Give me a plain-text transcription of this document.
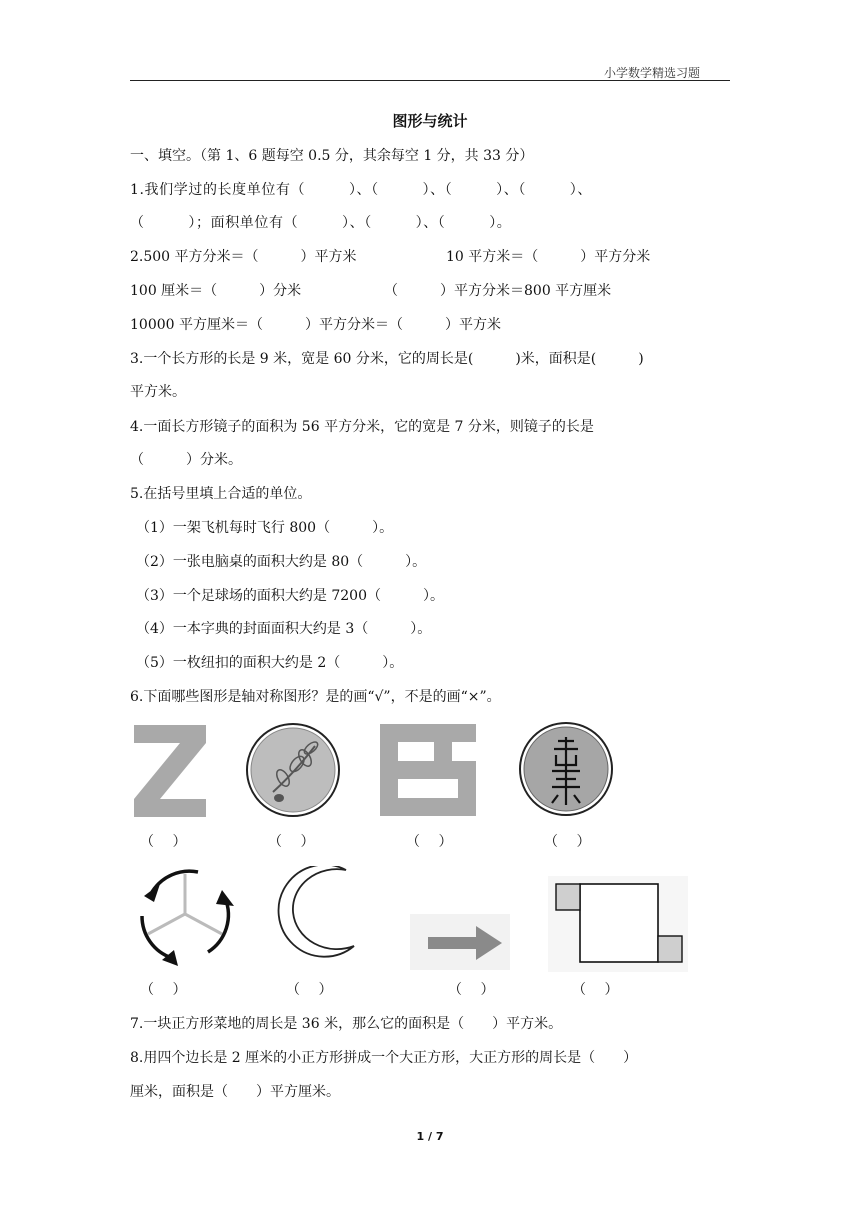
小学数学精选习题
图形与统计
一、填空。（第 1、6 题每空 0.5 分，其余每空 1 分，共 33 分）
1.我们学过的长度单位有（　　　）、（　　　）、（　　　）、（　　　）、
（　　　）；面积单位有（　　　）、（　　　）、（　　　）。
2.500 平方分米＝（　　　）平方米	10 平方米＝（　　　）平方分米
100 厘米＝（　　　）分米	（　　　）平方分米＝800 平方厘米
10000 平方厘米＝（　　　）平方分米＝（　　　）平方米
3.一个长方形的长是 9 米，宽是 60 分米，它的周长是(　　　)米，面积是(　　　)
平方米。
4.一面长方形镜子的面积为 56 平方分米，它的宽是 7 分米，则镜子的长是
（　　　）分米。
5.在括号里填上合适的单位。
（1）一架飞机每时飞行 800（　　　）。
（2）一张电脑桌的面积大约是 80（　　　）。
（3）一个足球场的面积大约是 7200（　　　）。
（4）一本字典的封面面积大约是 3（　　　）。
（5）一枚纽扣的面积大约是 2（　　　）。
6.下面哪些图形是轴对称图形？是的画“√”，不是的画“×”。
（　 ）	（　 ）	（　 ）	（　 ）
（　 ）	（　 ）	（　 ）	（　 ）
7.一块正方形菜地的周长是 36 米，那么它的面积是（　　）平方米。
8.用四个边长是 2 厘米的小正方形拼成一个大正方形，大正方形的周长是（　　）
厘米，面积是（　　）平方厘米。
1 / 7
